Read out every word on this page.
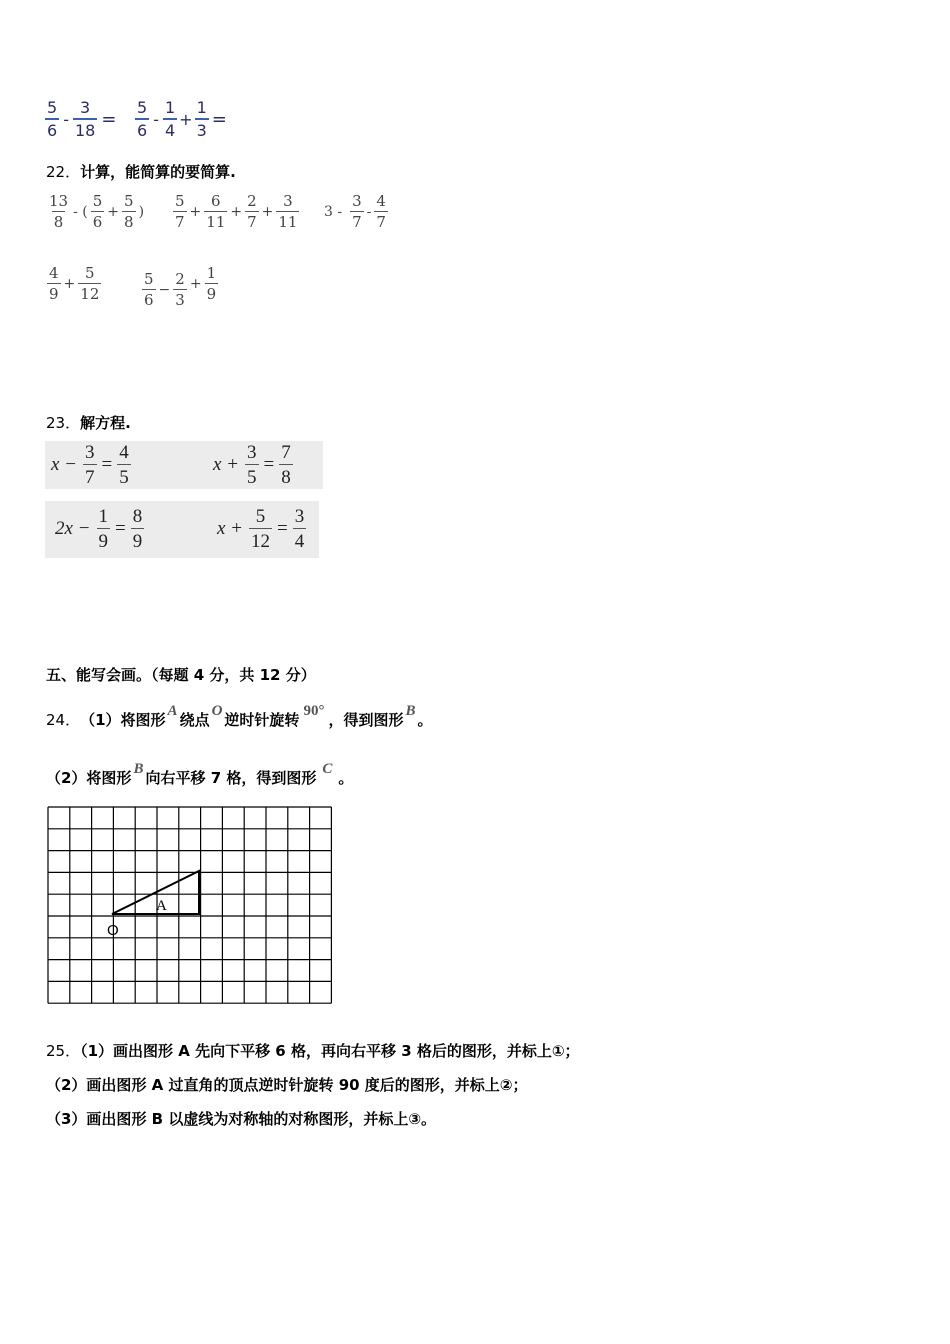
$\frac{5}{6} - \frac{3}{18} = \frac{5}{6} - \frac{1}{4} + \frac{1}{3}$ =
22．计算，能简算的要简算.
$\frac{13}{8}$ - ( $\frac{5}{6} + \frac{5}{8}$ ) $\frac{5}{7} + \frac{6}{11} + \frac{2}{7} + \frac{3}{11} 3 - \frac{3}{7} - \frac{4}{7}$
$\frac{4}{9} + \frac{5}{12}$	$\frac{5}{6} - \frac{2}{3} + \frac{1}{9}$
23．解方程.
$x - \frac{3}{7} = \frac{4}{5}$	$x + \frac{3}{5} = \frac{7}{8}$
$2x - \frac{1}{9} = \frac{8}{9}$	$x + \frac{5}{12} = \frac{3}{4}$
五、能写会画。（每题 4 分，共 12 分）
24． （1）将图形 A 绕点 O 逆时针旋转 90° ，得到图形 B 。
（2）将图形 B 向右平移 7 格，得到图形 C 。
A
O
25．（1）画出图形 A 先向下平移 6 格，再向右平移 3 格后的图形，并标上①；
（2）画出图形 A 过直角的顶点逆时针旋转 90 度后的图形，并标上②；
（3）画出图形 B 以虚线为对称轴的对称图形，并标上③。
